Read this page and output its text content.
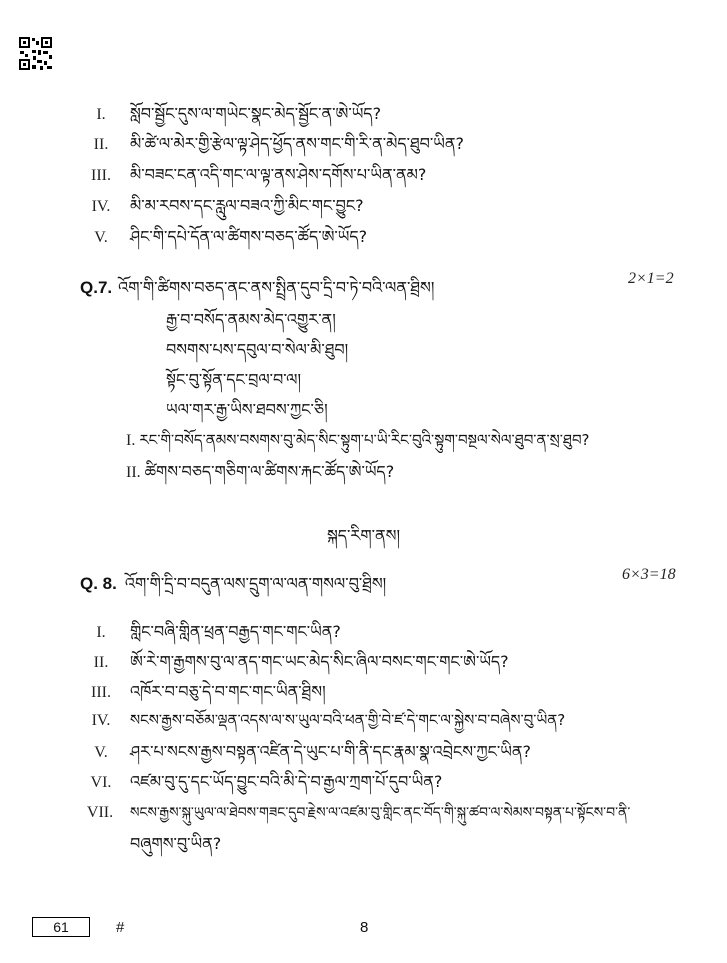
I.	སློབ་སྦྱོང་དུས་ལ་གཡེང་སྣང་མེད་སྦྱོང་ན་ཨེ་ཡོད?
II.	མི་ཚེ་ལ་མེར་གྱི་རྩེལ་ལྟ་ཤེད་ཕྱོད་ནས་གང་གི་རི་ན་མེད་ཐུབ་ཡིན?
III.	མི་བཟང་ངན་འདི་གང་ལ་ལྟ་ནས་ཤེས་དགོས་པ་ཡིན་ནམ?
IV.	མི་མ་རབས་དང་རླུལ་བཟའ་ཀྱི་མིང་གང་བྱུང?
V.	ཤིང་གི་དཔེ་དོན་ལ་ཚིགས་བཅད་ཚོད་ཨེ་ཡོད?
Q.7. འོག་གི་ཚིགས་བཅད་ནང་ནས་སྤྲིན་དུབ་དྲི་བ་ཏེ་བའི་ལན་ཐྲིས།	2×1=2
རྒྱ་བ་བསོད་ནམས་མེད་འགྱུར་ན།
བསགས་པས་དབུལ་བ་སེལ་མི་ཐུབ།
སྟོང་བུ་སྟོན་དང་བྲལ་བ་ལ།
ཡལ་གར་རྒྱ་ཡིས་ཐབས་ཀྱང་ཅི།
I. རང་གི་བསོད་ནམས་བསགས་བུ་མེད་སིང་སྟུག་པ་ཡི་རིང་བུའི་སྟུག་བསྔལ་སེལ་ཐུབ་ན་སྲ་ཐུབ?
II. ཚིགས་བཅད་གཅིག་ལ་ཚིགས་རྐང་ཚོད་ཨེ་ཡོད?
སྐད་རིག་ནས།
Q. 8. འོག་གི་དྲི་བ་བདུན་ལས་དྲུག་ལ་ལན་གསལ་བུ་ཐྲིས།	6×3=18
I.	གླིང་བཞི་གླིན་ཕྲན་བརྒྱད་གང་གང་ཡིན?
II.	ཨོ་རེ་ག་རྒྱགས་བུ་ལ་ནད་གང་ཡང་མེད་སིང་ཞིལ་བསང་གང་གང་ཨེ་ཡོད?
III.	འཁོར་བ་བཅུ་དེ་བ་གང་གང་ཡིན་ཐྲིས།
IV.	སངས་རྒྱས་བཅོམ་ལྡན་འདས་ལ་ས་ཡུལ་བའི་ཕན་གྱི་བེ་ཛ་དེ་གང་ལ་སྐྱེས་བ་བཞེས་བུ་ཡིན?
V.	ཤར་པ་སངས་རྒྱས་བསྟན་འཛིན་དེ་ཡུང་པ་གི་ནི་དང་རྣམ་སྣ་འབྲེངས་ཀྱང་ཡིན?
VI. འཛམ་བུ་དུ་དང་ཡོད་བྱུང་བའི་མི་དེ་བ་རྒྱལ་ཀྲག་པོ་དུབ་ཡིན?
VII.	སངས་རྒྱས་སྐུ་ཡུལ་ལ་ཐེབས་གཟང་དུབ་རྗེས་ལ་འཛམ་བུ་གླིང་ནང་བོད་གི་སྐུ་ཚབ་ལ་སེམས་བསྟན་པ་སྟོངས་བ་ནི་
བཞུགས་བུ་ཡིན?
61	#	8
